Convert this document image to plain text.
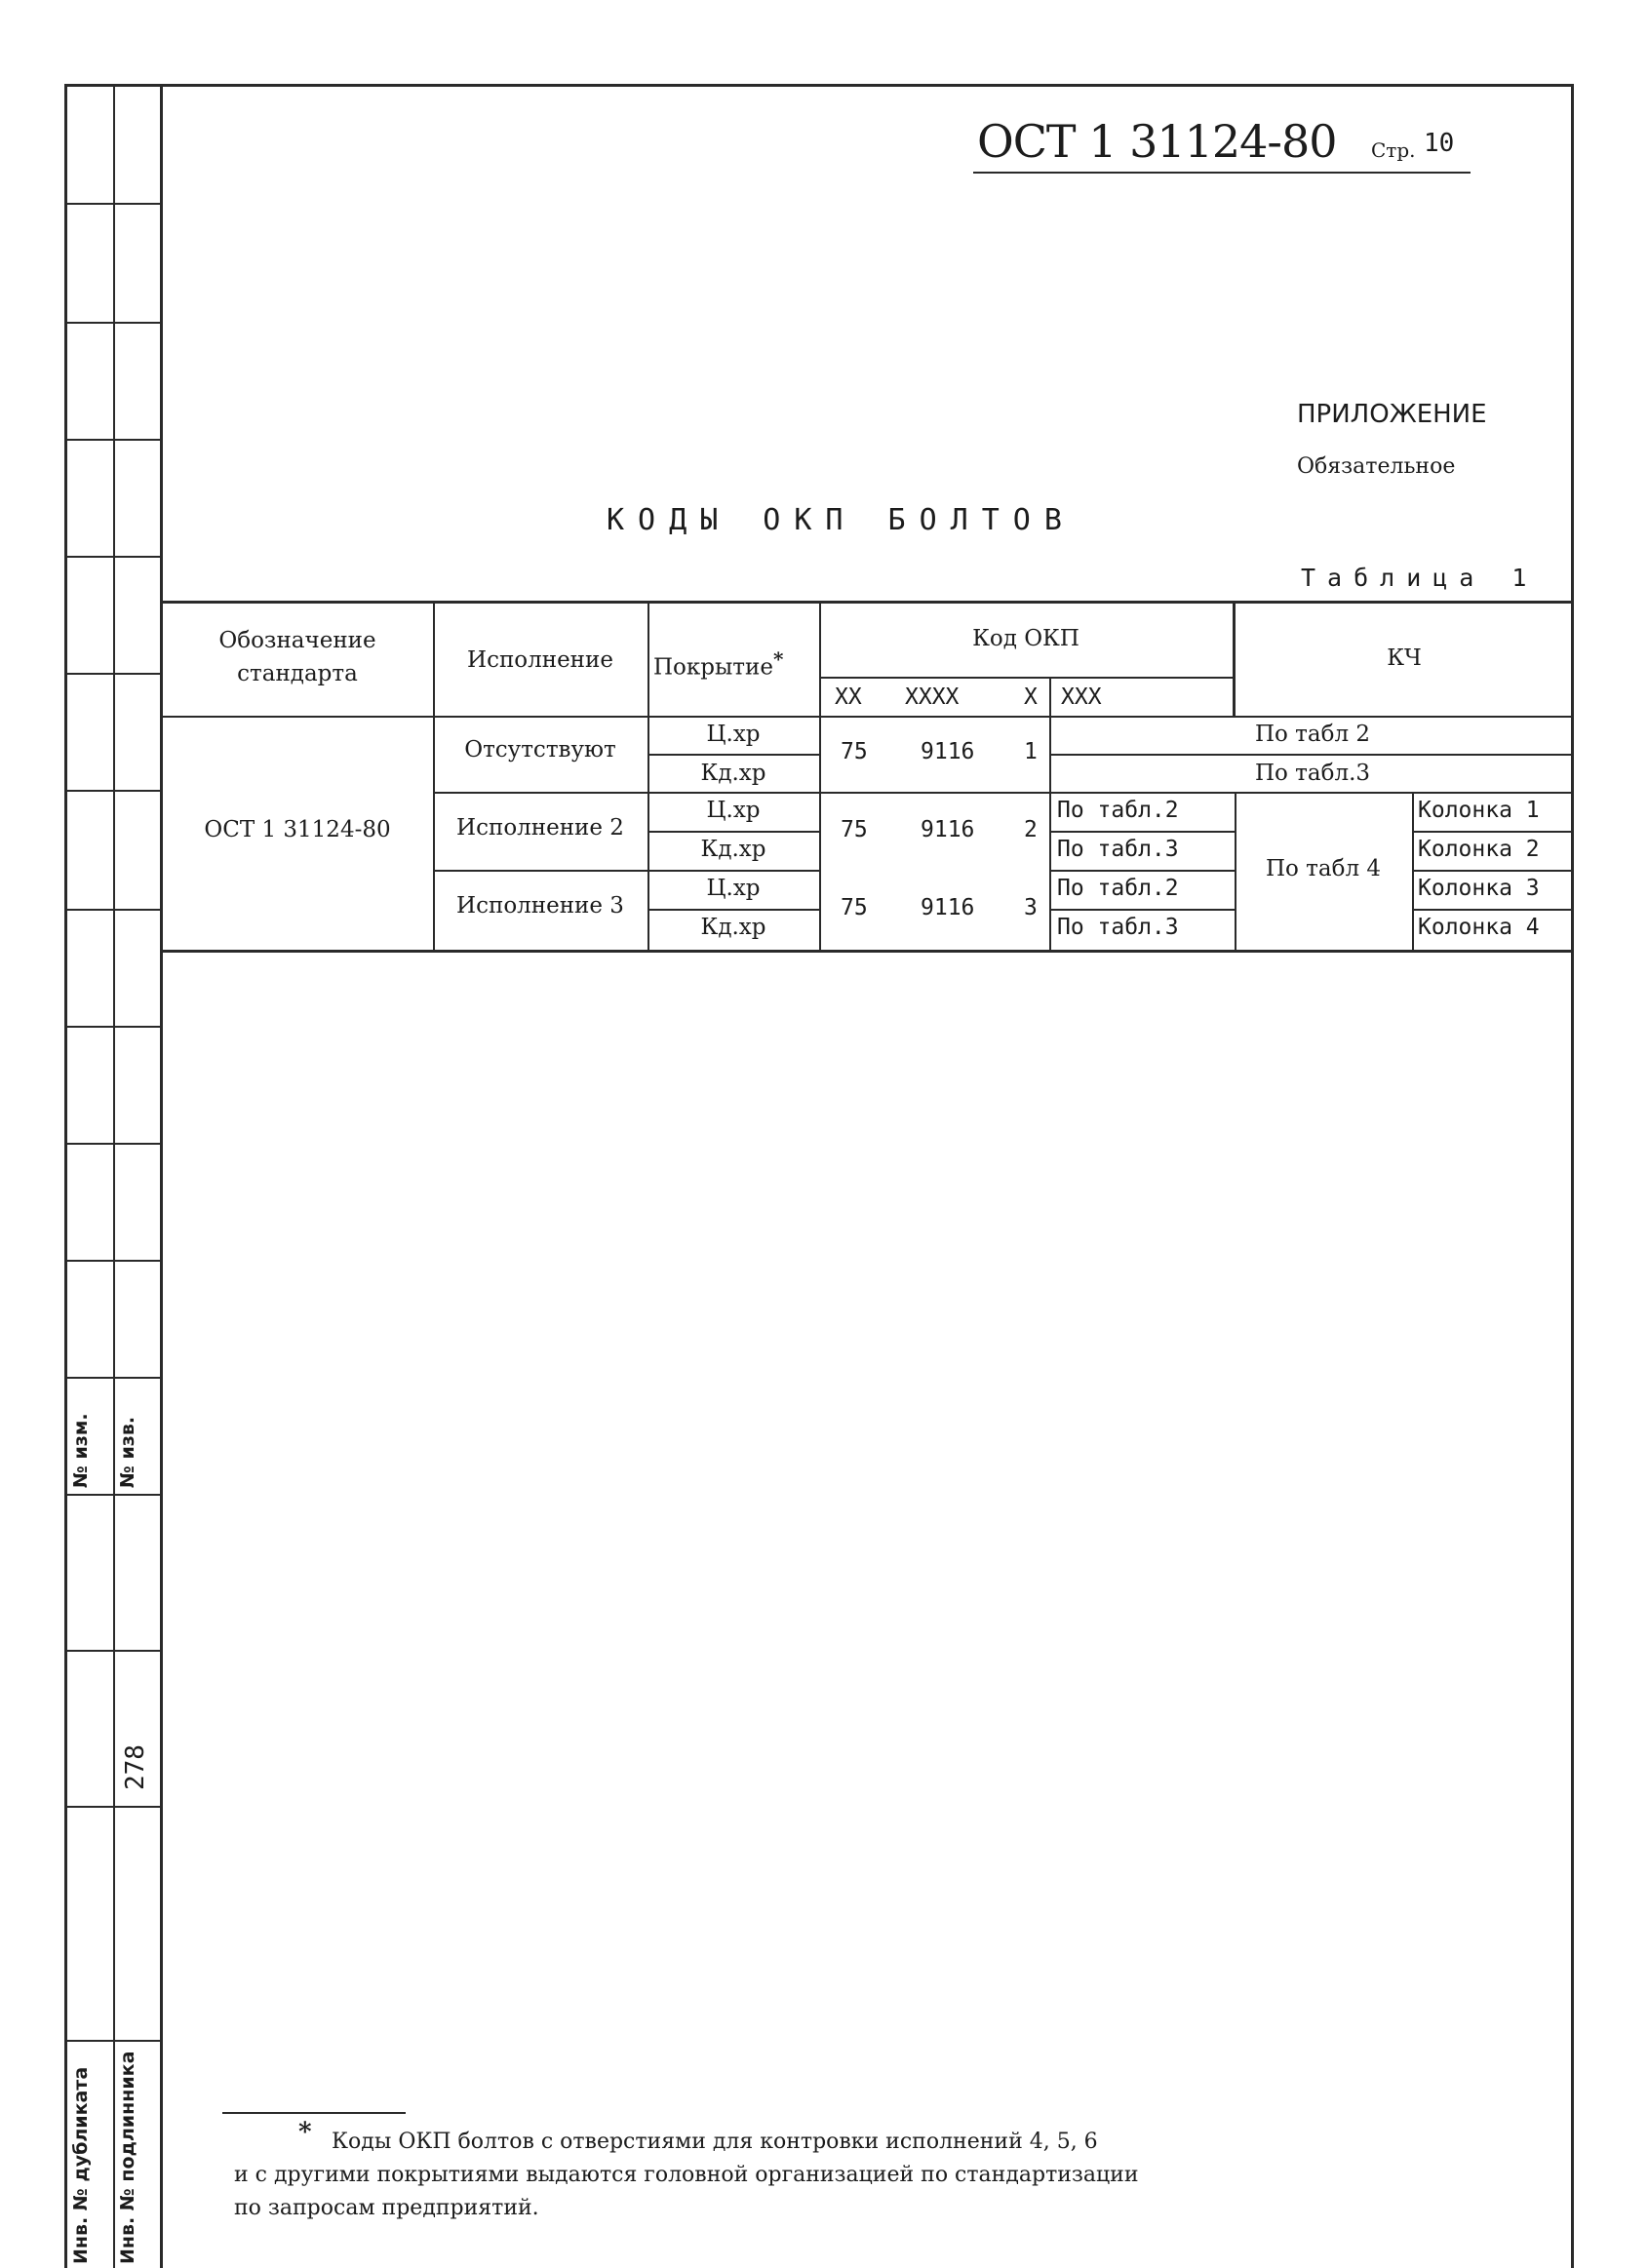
№ изм. № изв.
278
Инв. № дубликата Инв. № подлинника
ОСТ 1 31124-80 Стр. 10
ПРИЛОЖЕНИЕ
Обязательное
КОДЫ ОКП БОЛТОВ
Таблица 1
Обозначение стандарта
Исполнение	Покрытие*
Код ОКП
XX XXXX	X XXX
КЧ
ОСТ 1 31124-80
Отсутствуют
Ц.хр
Кд.хр
75 9116 1
По табл 2
По табл.3
Исполнение 2
Ц.хр
Кд.хр
75 9116 2
По табл.2
По табл.3
Исполнение 3
Ц.хр
Кд.хр
75 9116 3
По табл.2
По табл.3
По табл 4
Колонка 1
Колонка 2
Колонка 3
Колонка 4
* Коды ОКП болтов с отверстиями для контровки исполнений 4, 5, 6
и с другими покрытиями выдаются головной организацией по стандартизации
по запросам предприятий.
